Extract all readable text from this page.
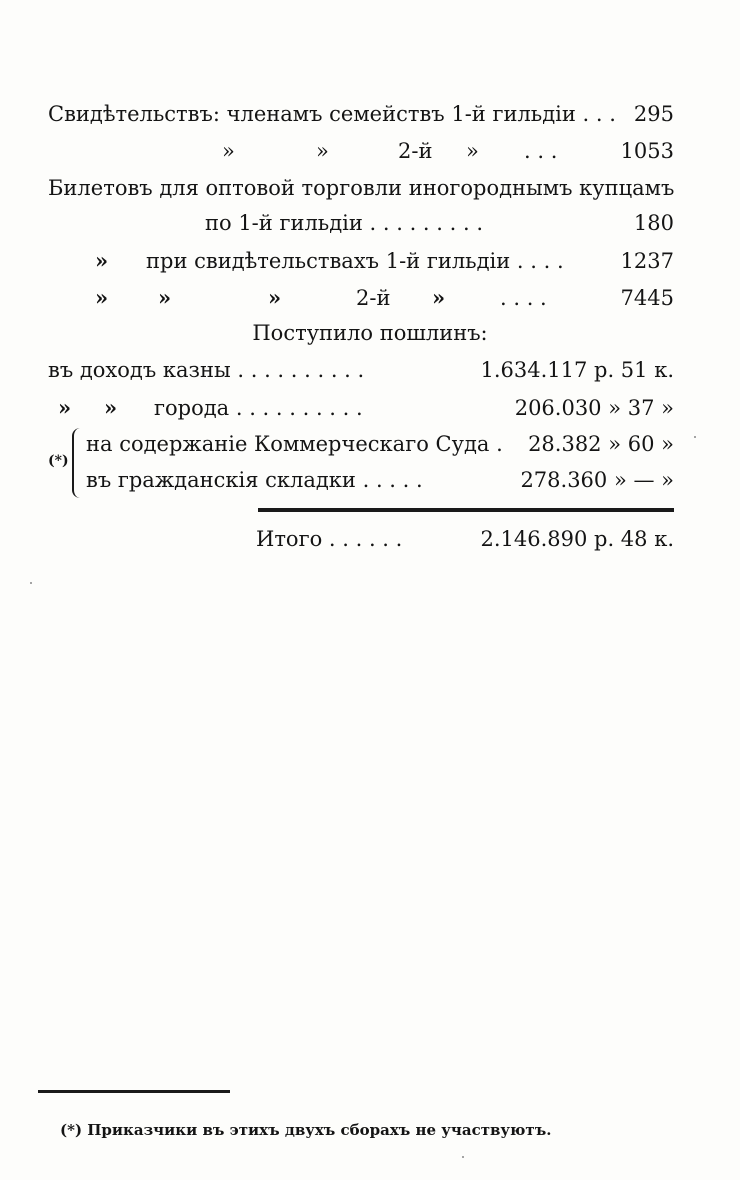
Свидѣтельствъ: членамъ семействъ 1-й гильдіи . . . 295
»	»	2-й » . . .	1053
Билетовъ для оптовой торговли иногороднымъ купцамъ
по 1-й гильдіи . . . . . . . . .	180
» при свидѣтельствахъ 1-й гильдіи . . . .	1237
» »	»	2-й »	. . . .	7445
Поступило пошлинъ:
въ доходъ казны . . . . . . . . . .	1.634.117 р. 51 к.
» » города . . . . . . . . . .	206.030 » 37 »
(*)
на содержаніе Коммерческаго Суда . 28.382 » 60 »
въ гражданскія складки . . . . .	278.360 » — »
Итого . . . . . .	2.146.890 р. 48 к.
(*) Приказчики въ этихъ двухъ сборахъ не участвуютъ.
